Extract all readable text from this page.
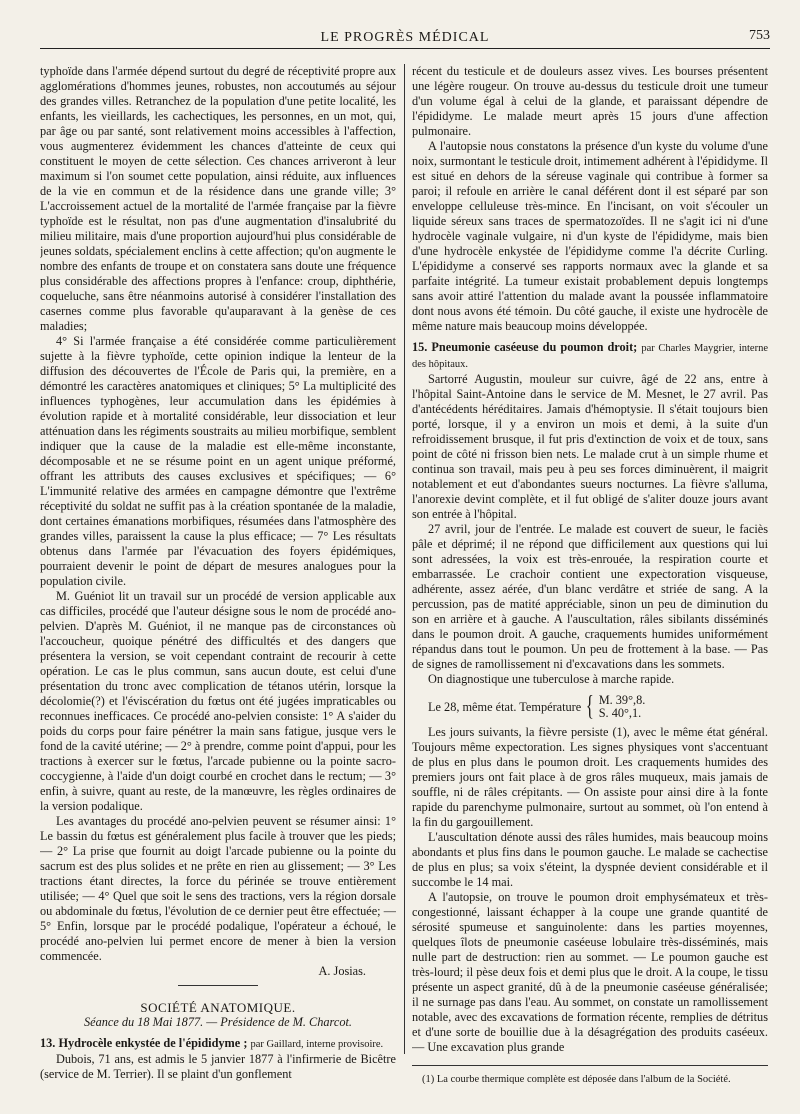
LE PROGRÈS MÉDICAL	753

typhoïde dans l'armée dépend surtout du degré de réceptivité propre aux agglomérations d'hommes jeunes, robustes, non accoutumés au séjour des grandes villes. Retranchez de la population d'une petite localité, les enfants, les vieillards, les cachectiques, les personnes, en un mot, qui, par âge ou par santé, sont relativement moins accessibles à l'affection, vous augmenterez évidemment les chances d'atteinte de ceux qui constituent le moyen de cette sélection. Ces chances arriveront à leur maximum si l'on soumet cette population, ainsi réduite, aux influences de la vie en commun et de la résidence dans une grande ville; 3° L'accroissement actuel de la mortalité de l'armée française par la fièvre typhoïde est le résultat, non pas d'une augmentation d'insalubrité du milieu militaire, mais d'une proportion aujourd'hui plus considérable de jeunes soldats, spécialement enclins à cette affection; qu'on augmente le nombre des enfants de troupe et on constatera sans doute une fréquence plus considérable des affections propres à l'enfance: croup, diphthérie, coqueluche, sans être néanmoins autorisé à considérer l'installation des casernes comme plus favorable qu'auparavant à la genèse de ces maladies;

4° Si l'armée française a été considérée comme particulièrement sujette à la fièvre typhoïde, cette opinion indique la lenteur de la diffusion des découvertes de l'École de Paris qui, la première, en a démontré les caractères anatomiques et cliniques; 5° La multiplicité des influences typhogènes, leur accumulation dans les épidémies à évolution rapide et à mortalité considérable, leur dissociation et leur atténuation dans les régiments soustraits au milieu morbifique, semblent indiquer que la cause de la maladie est elle-même inconstante, décomposable et ne se résume point en un agent unique préformé, offrant les attributs des causes exclusives et spécifiques; — 6° L'immunité relative des armées en campagne démontre que l'extrême réceptivité du soldat ne suffit pas à la création spontanée de la maladie, dont certaines émanations morbifiques, résumées dans l'atmosphère des grandes villes, paraissent la cause la plus efficace; — 7° Les résultats obtenus dans l'armée par l'évacuation des foyers épidémiques, pourraient devenir le point de départ de mesures analogues pour la population civile.

M. Guéniot lit un travail sur un procédé de version applicable aux cas difficiles, procédé que l'auteur désigne sous le nom de procédé ano-pelvien. D'après M. Guéniot, il ne manque pas de circonstances où l'accoucheur, quoique pénétré des difficultés et des dangers que présentera la version, se voit cependant contraint de recourir à cette opération. Le cas le plus commun, sans aucun doute, est celui d'une présentation du tronc avec complication de tétanos utérin, lorsque la décolomie(?) et l'éviscération du fœtus ont été jugées impraticables ou reconnues inefficaces. Ce procédé ano-pelvien consiste: 1° A s'aider du poids du corps pour faire pénétrer la main sans fatigue, jusque vers le fond de la cavité utérine; — 2° à prendre, comme point d'appui, pour les tractions à exercer sur le fœtus, l'arcade pubienne ou la pointe sacro-coccygienne, à l'aide d'un doigt courbé en crochet dans le rectum; — 3° enfin, à suivre, quant au reste, de la manœuvre, les règles ordinaires de la version podalique.

Les avantages du procédé ano-pelvien peuvent se résumer ainsi: 1° Le bassin du fœtus est généralement plus facile à trouver que les pieds; — 2° La prise que fournit au doigt l'arcade pubienne ou la pointe du sacrum est des plus solides et ne prête en rien au glissement; — 3° Les tractions étant directes, la force du périnée se trouve entièrement utilisée; — 4° Quel que soit le sens des tractions, vers la région dorsale ou abdominale du fœtus, l'évolution de ce dernier peut être effectuée; — 5° Enfin, lorsque par le procédé podalique, l'opérateur a échoué, le procédé ano-pelvien lui permet encore de mener à bien la version commencée.

A. Josias.

SOCIÉTÉ ANATOMIQUE.

Séance du 18 Mai 1877. — Présidence de M. Charcot.

13. Hydrocèle enkystée de l'épididyme ; par Gaillard, interne provisoire.

Dubois, 71 ans, est admis le 5 janvier 1877 à l'infirmerie de Bicêtre (service de M. Terrier). Il se plaint d'un gonflement

récent du testicule et de douleurs assez vives. Les bourses présentent une légère rougeur. On trouve au-dessus du testicule droit une tumeur d'un volume égal à celui de la glande, et paraissant dépendre de l'épididyme. Le malade meurt après 15 jours d'une affection pulmonaire.

A l'autopsie nous constatons la présence d'un kyste du volume d'une noix, surmontant le testicule droit, intimement adhérent à l'épididyme. Il est situé en dehors de la séreuse vaginale qui contribue à former sa paroi; il refoule en arrière le canal déférent dont il est séparé par son enveloppe celluleuse très-mince. En l'incisant, on voit s'écouler un liquide séreux sans traces de spermatozoïdes. Il ne s'agit ici ni d'une hydrocèle vaginale vulgaire, ni d'un kyste de l'épididyme, mais bien d'une hydrocèle enkystée de l'épididyme comme l'a décrite Curling. L'épididyme a conservé ses rapports normaux avec la glande et sa parfaite intégrité. La tumeur existait probablement depuis longtemps sans avoir attiré l'attention du malade avant la poussée inflammatoire dont nous avons été témoin. Du côté gauche, il existe une hydrocèle de même nature mais beaucoup moins développée.

15. Pneumonie caséeuse du poumon droit; par Charles Maygrier, interne des hôpitaux.

Sartorré Augustin, mouleur sur cuivre, âgé de 22 ans, entre à l'hôpital Saint-Antoine dans le service de M. Mesnet, le 27 avril. Pas d'antécédents héréditaires. Jamais d'hémoptysie. Il s'était toujours bien porté, lorsque, il y a environ un mois et demi, à la suite d'un refroidissement brusque, il fut pris d'extinction de voix et de toux, sans point de côté ni frisson bien nets. Le malade crut à un simple rhume et continua son travail, mais peu à peu ses forces diminuèrent, il maigrit notablement et eut d'abondantes sueurs nocturnes. La fièvre s'alluma, l'anorexie devint complète, et il fut obligé de s'aliter douze jours avant son entrée à l'hôpital.

27 avril, jour de l'entrée. Le malade est couvert de sueur, le faciès pâle et déprimé; il ne répond que difficilement aux questions qui lui sont adressées, la voix est très-enrouée, la respiration courte et embarrassée. Le crachoir contient une expectoration visqueuse, adhérente, assez aérée, d'un blanc verdâtre et striée de sang. A la percussion, pas de matité appréciable, sinon un peu de diminution du son en arrière et à gauche. A l'auscultation, râles sibilants disséminés dans le poumon droit. A gauche, craquements humides uniformément répandus dans tout le poumon. Un peu de frottement à la base. — Pas de signes de ramollissement ni d'excavations dans les sommets.

On diagnostique une tuberculose à marche rapide.

Le 28, même état. Température { M. 39°,8.
S. 40°,1.

Les jours suivants, la fièvre persiste (1), avec le même état général. Toujours même expectoration. Les signes physiques vont s'accentuant de plus en plus dans le poumon droit. Les craquements humides des premiers jours ont fait place à de gros râles muqueux, mais jamais de souffle, ni de râles crépitants. — On assiste pour ainsi dire à la fonte rapide du parenchyme pulmonaire, surtout au sommet, où l'on entend à la fin du gargouillement.

L'auscultation dénote aussi des râles humides, mais beaucoup moins abondants et plus fins dans le poumon gauche. Le malade se cachectise de plus en plus; sa voix s'éteint, la dyspnée devient considérable et il succombe le 14 mai.

A l'autopsie, on trouve le poumon droit emphysémateux et très-congestionné, laissant échapper à la coupe une grande quantité de sérosité spumeuse et sanguinolente: dans les parties moyennes, quelques îlots de pneumonie caséeuse lobulaire très-disséminés, mais nulle part de destruction: rien au sommet. — Le poumon gauche est très-lourd; il pèse deux fois et demi plus que le droit. A la coupe, le tissu présente un aspect granité, dû à de la pneumonie caséeuse généralisée; il ne surnage pas dans l'eau. Au sommet, on constate un ramollissement notable, avec des excavations de formation récente, remplies de détritus et d'une sorte de bouillie due à la désagrégation des produits caséeux. — Une excavation plus grande

(1) La courbe thermique complète est déposée dans l'album de la Société.
